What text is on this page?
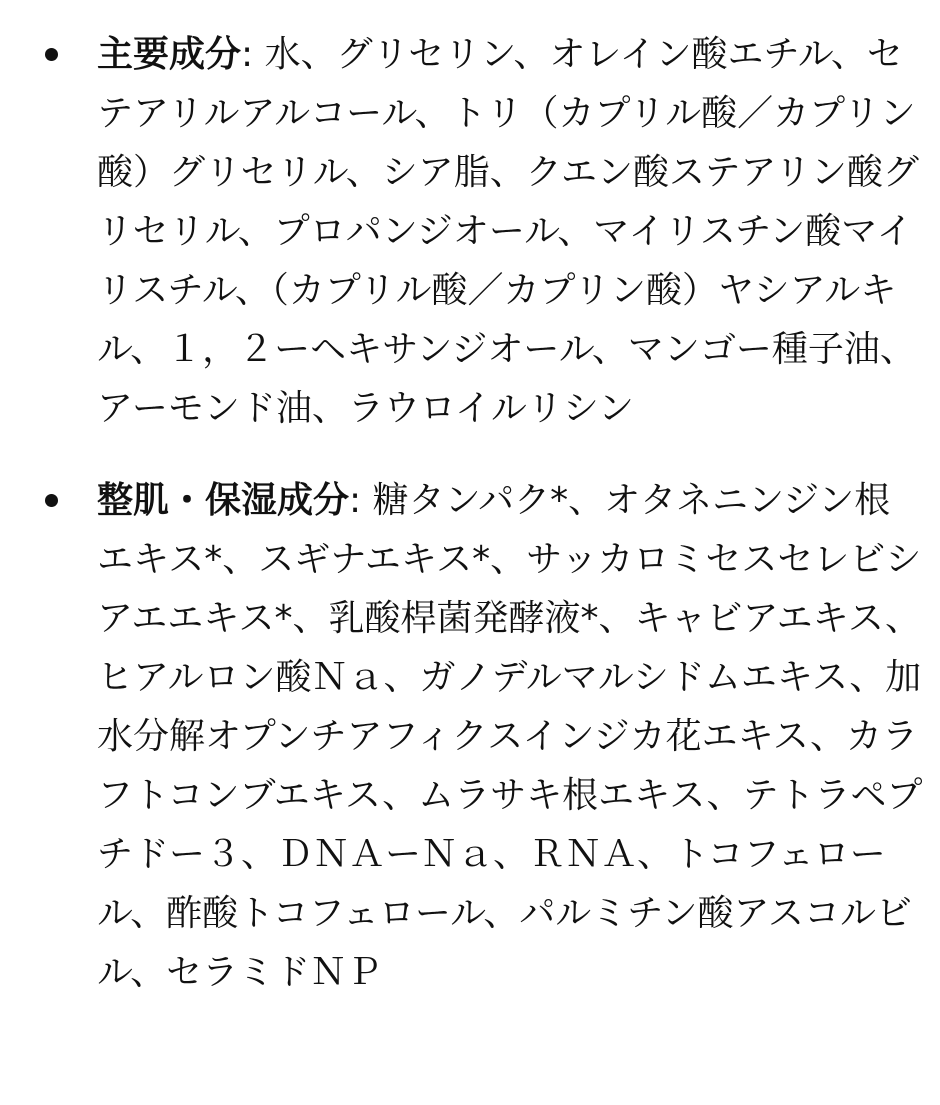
主要成分: 水、グリセリン、オレイン酸エチル、セテアリルアルコール、トリ（カプリル酸／カプリン酸）グリセリル、シア脂、クエン酸ステアリン酸グリセリル、プロパンジオール、マイリスチン酸マイリスチル、（カプリル酸／カプリン酸）ヤシアルキル、１，２ーヘキサンジオール、マンゴー種子油、アーモンド油、ラウロイルリシン
整肌・保湿成分: 糖タンパク*、オタネニンジン根エキス*、スギナエキス*、サッカロミセスセレビシアエエキス*、乳酸桿菌発酵液*、キャビアエキス、ヒアルロン酸Ｎａ、ガノデルマルシドムエキス、加水分解オプンチアフィクスインジカ花エキス、カラフトコンブエキス、ムラサキ根エキス、テトラペプチドー３、ＤＮＡーＮａ、ＲＮＡ、トコフェロール、酢酸トコフェロール、パルミチン酸アスコルビル、セラミドＮＰ
